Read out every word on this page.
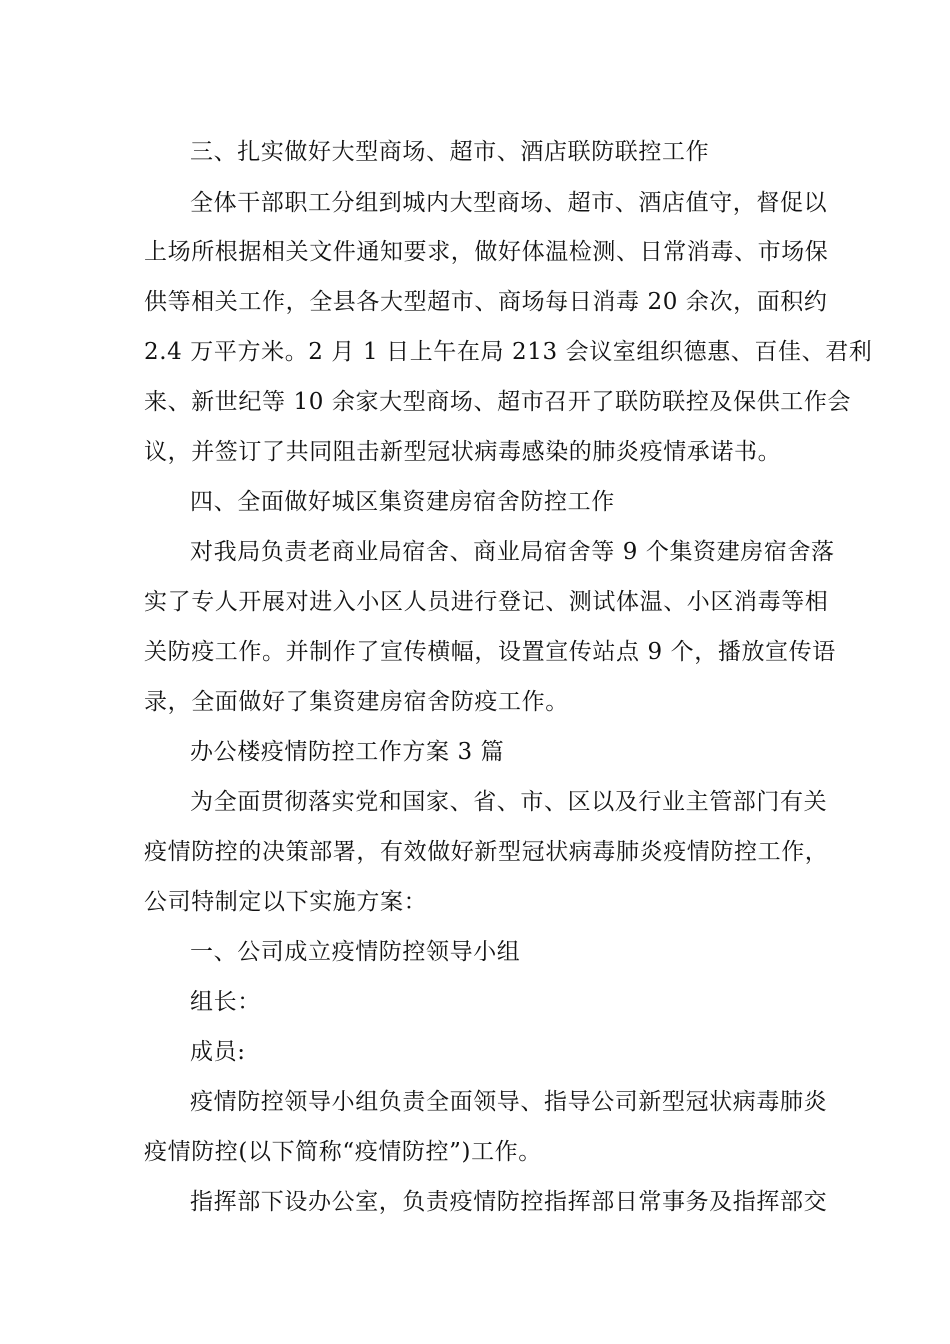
三、扎实做好大型商场、超市、酒店联防联控工作

全体干部职工分组到城内大型商场、超市、酒店值守，督促以

上场所根据相关文件通知要求，做好体温检测、日常消毒、市场保

供等相关工作，全县各大型超市、商场每日消毒 20 余次，面积约

2.4 万平方米。2 月 1 日上午在局 213 会议室组织德惠、百佳、君利

来、新世纪等 10 余家大型商场、超市召开了联防联控及保供工作会

议，并签订了共同阻击新型冠状病毒感染的肺炎疫情承诺书。

四、全面做好城区集资建房宿舍防控工作

对我局负责老商业局宿舍、商业局宿舍等 9 个集资建房宿舍落

实了专人开展对进入小区人员进行登记、测试体温、小区消毒等相

关防疫工作。并制作了宣传横幅，设置宣传站点 9 个，播放宣传语

录，全面做好了集资建房宿舍防疫工作。

办公楼疫情防控工作方案 3 篇

为全面贯彻落实党和国家、省、市、区以及行业主管部门有关

疫情防控的决策部署，有效做好新型冠状病毒肺炎疫情防控工作，

公司特制定以下实施方案：

一、公司成立疫情防控领导小组

组长：

成员:

疫情防控领导小组负责全面领导、指导公司新型冠状病毒肺炎

疫情防控(以下简称“疫情防控”)工作。

指挥部下设办公室，负责疫情防控指挥部日常事务及指挥部交
